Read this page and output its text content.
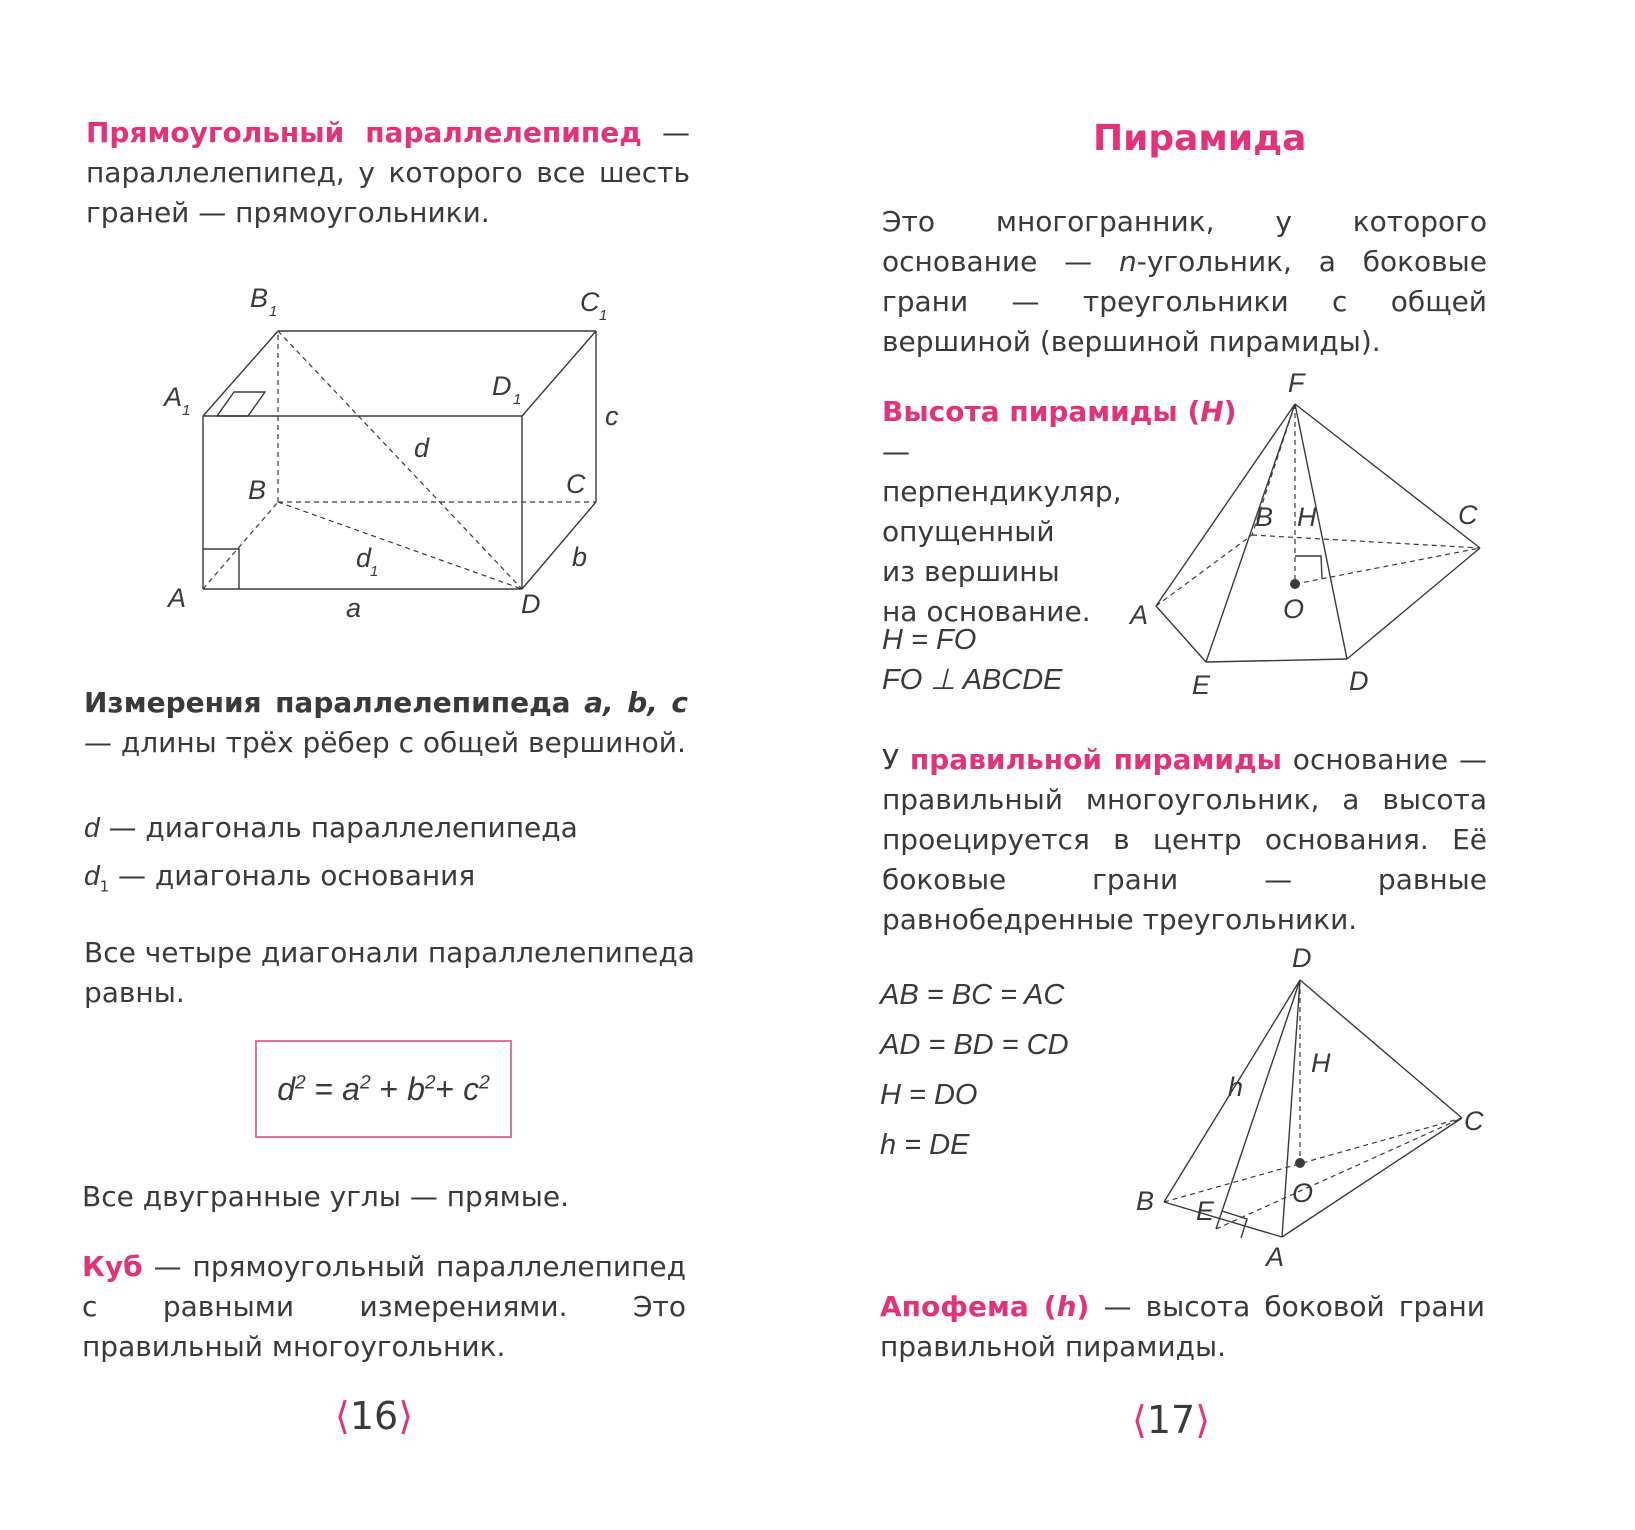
Прямоугольный параллелепипед — параллелепипед, у которого все шесть граней — прямоугольники.
B 1	C 1
A 1
D 1
c
d
B	C
d
1	b
A	a	D
Измерения параллелепипеда a, b, c — длины трёх рёбер с общей вершиной.
d — диагональ параллелепипеда
$d_1$ — диагональ основания
Все четыре диагонали параллелепипеда равны.
$d^2 = a^2 + b^2+ c^2$
Все двугранные углы — прямые.
Куб — прямоугольный параллелепипед с равными измерениями. Это правильный многоугольник.
⟨16⟩
Пирамида
Это многогранник, у которого основание — n-угольник, а боковые грани — треугольники с общей вершиной (вершиной пирамиды).
Высота пирамиды (H) —
перпендикуляр,
опущенный
из вершины
на основание.
H = FO
FO ⊥ ABCDE
F
B H	C
A	O
E	D
У правильной пирамиды основание — правильный многоугольник, а высота проецируется в центр основания. Её боковые грани — равные равнобедренные треугольники.
AB = BC = AC
AD = BD = CD
H = DO
h = DE
D
H
h
B
C
O
E
A
Апофема (h) — высота боковой грани правильной пирамиды.
⟨17⟩
